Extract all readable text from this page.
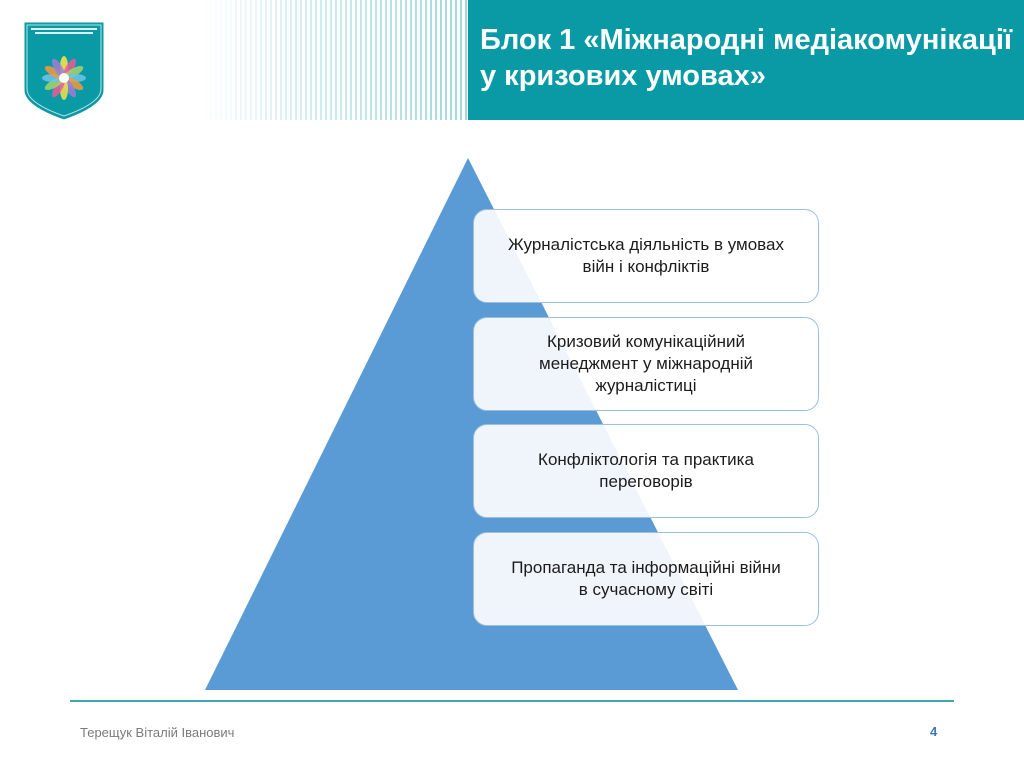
Блок 1 «Міжнародні медіакомунікації
у кризових умовах»
Журналістська діяльність в умовах
війн і конфліктів
Кризовий комунікаційний
менеджмент у міжнародній
журналістиці
Конфліктологія та практика
переговорів
Пропаганда та інформаційні війни
в сучасному світі
Терещук Віталій Іванович	4
